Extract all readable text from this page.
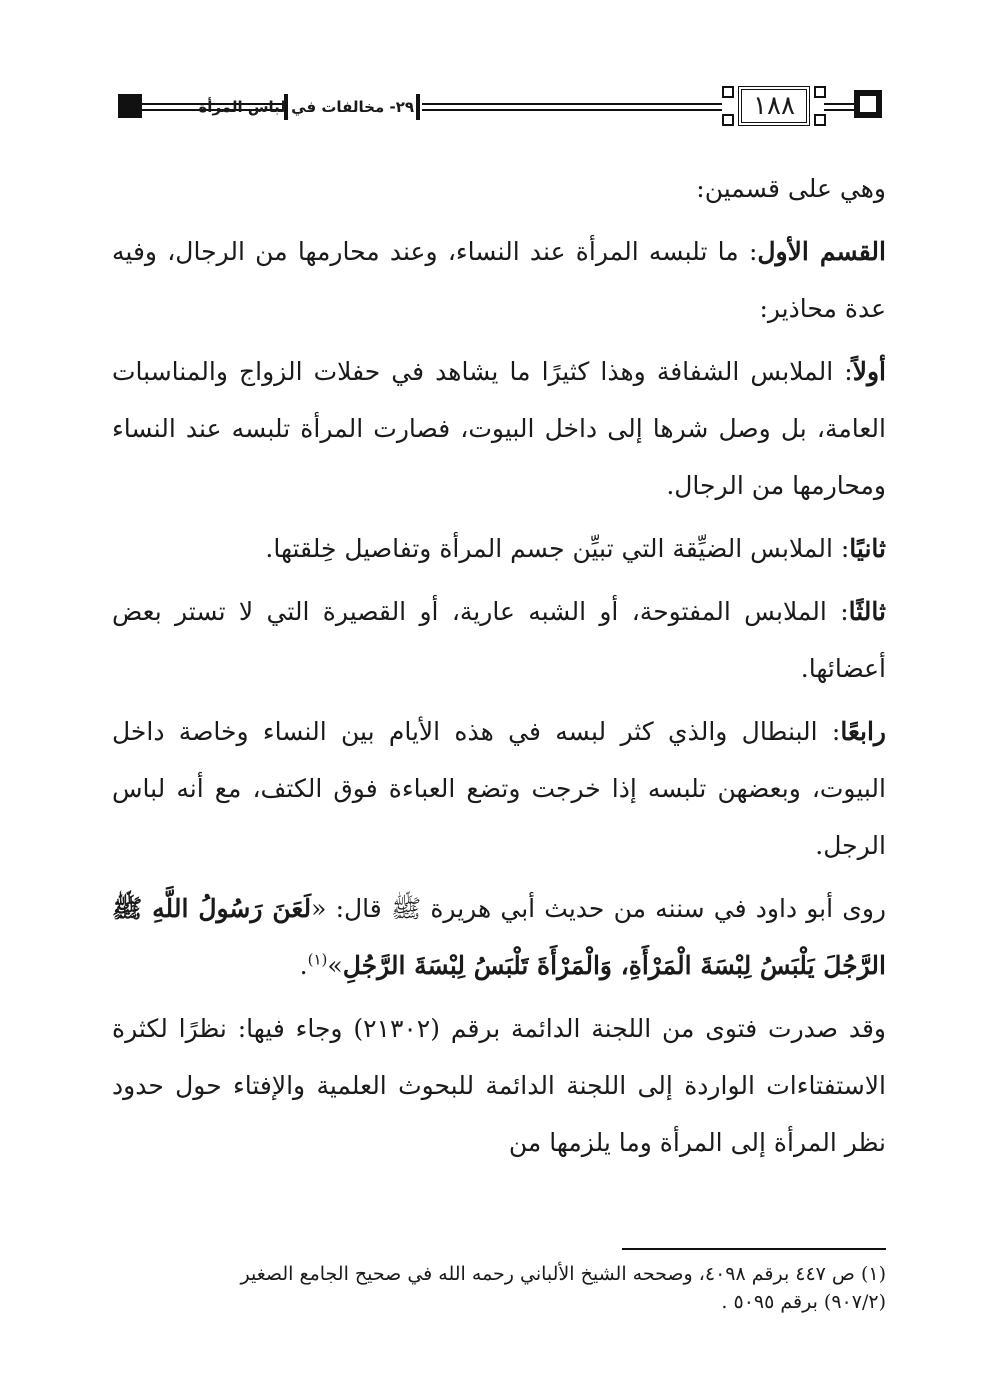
٢٩- مخالفات في لباس المرأة	١٨٨

وهي على قسمين:

القسم الأول: ما تلبسه المرأة عند النساء، وعند محارمها من الرجال، وفيه عدة محاذير:

أولاً: الملابس الشفافة وهذا كثيرًا ما يشاهد في حفلات الزواج والمناسبات العامة، بل وصل شرها إلى داخل البيوت، فصارت المرأة تلبسه عند النساء ومحارمها من الرجال.

ثانيًا: الملابس الضيِّقة التي تبيِّن جسم المرأة وتفاصيل خِلقتها.

ثالثًا: الملابس المفتوحة، أو الشبه عارية، أو القصيرة التي لا تستر بعض أعضائها.

رابعًا: البنطال والذي كثر لبسه في هذه الأيام بين النساء وخاصة داخل البيوت، وبعضهن تلبسه إذا خرجت وتضع العباءة فوق الكتف، مع أنه لباس الرجل.

روى أبو داود في سننه من حديث أبي هريرة ﷺ قال: «لَعَنَ رَسُولُ اللَّهِ ﷺ الرَّجُلَ يَلْبَسُ لِبْسَةَ الْمَرْأَةِ، وَالْمَرْأَةَ تَلْبَسُ لِبْسَةَ الرَّجُلِ»$^{(١)}$.

وقد صدرت فتوى من اللجنة الدائمة برقم (٢١٣٠٢) وجاء فيها: نظرًا لكثرة الاستفتاءات الواردة إلى اللجنة الدائمة للبحوث العلمية والإفتاء حول حدود نظر المرأة إلى المرأة وما يلزمها من

(١) ص ٤٤٧ برقم ٤٠٩٨، وصححه الشيخ الألباني رحمه الله في صحيح الجامع الصغير
(٩٠٧/٢) برقم ٥٠٩٥ .
